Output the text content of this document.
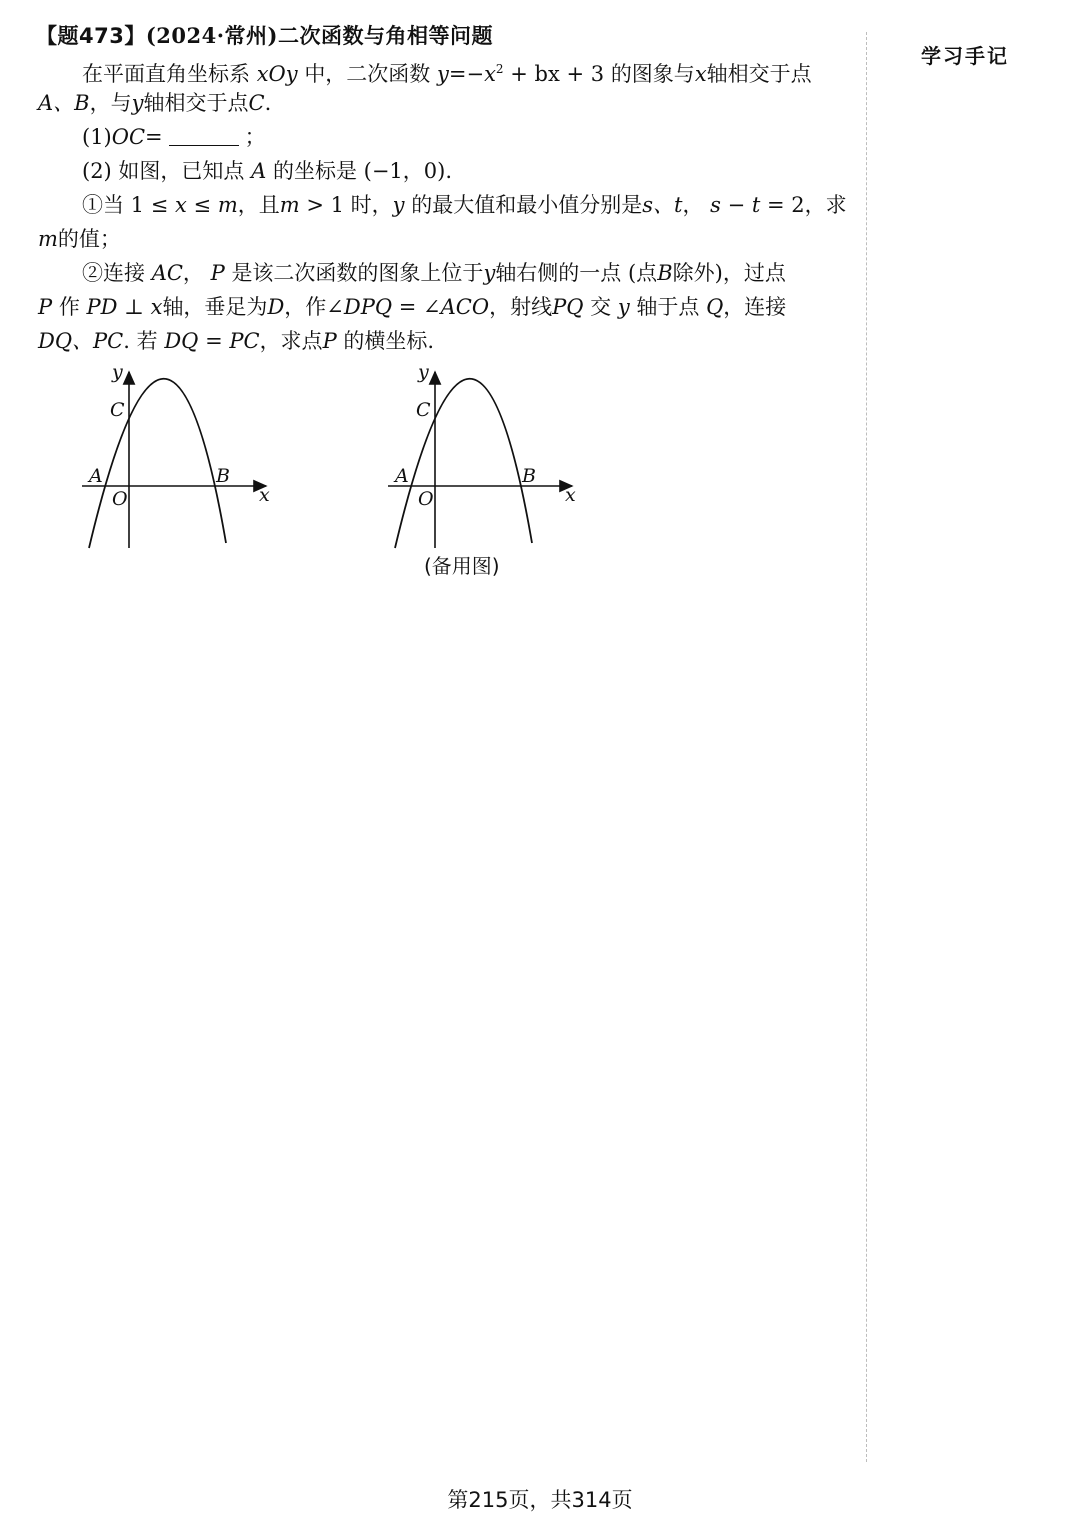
【题473】(2024·常州)二次函数与角相等问题
在平面直角坐标系 xOy 中，二次函数 $y=-x^2$ + bx + 3 的图象与x轴相交于点
A、B，与y轴相交于点C.
(1)OC=	；
(2) 如图，已知点 A 的坐标是 (−1，0).
①当 1 ≤ x ≤ m，且m > 1 时，y 的最大值和最小值分别是s、t， s − t = 2，求
m的值；
②连接 AC， P 是该二次函数的图象上位于y轴右侧的一点 (点B除外)，过点
P 作 PD ⊥ x轴，垂足为D，作∠DPQ = ∠ACO，射线PQ 交 y 轴于点 Q，连接
DQ、PC. 若 DQ = PC，求点P 的横坐标.
y
x
C
A	B
O
y
x
C
A	B
O
(备用图)
学习手记
第215页，共314页
